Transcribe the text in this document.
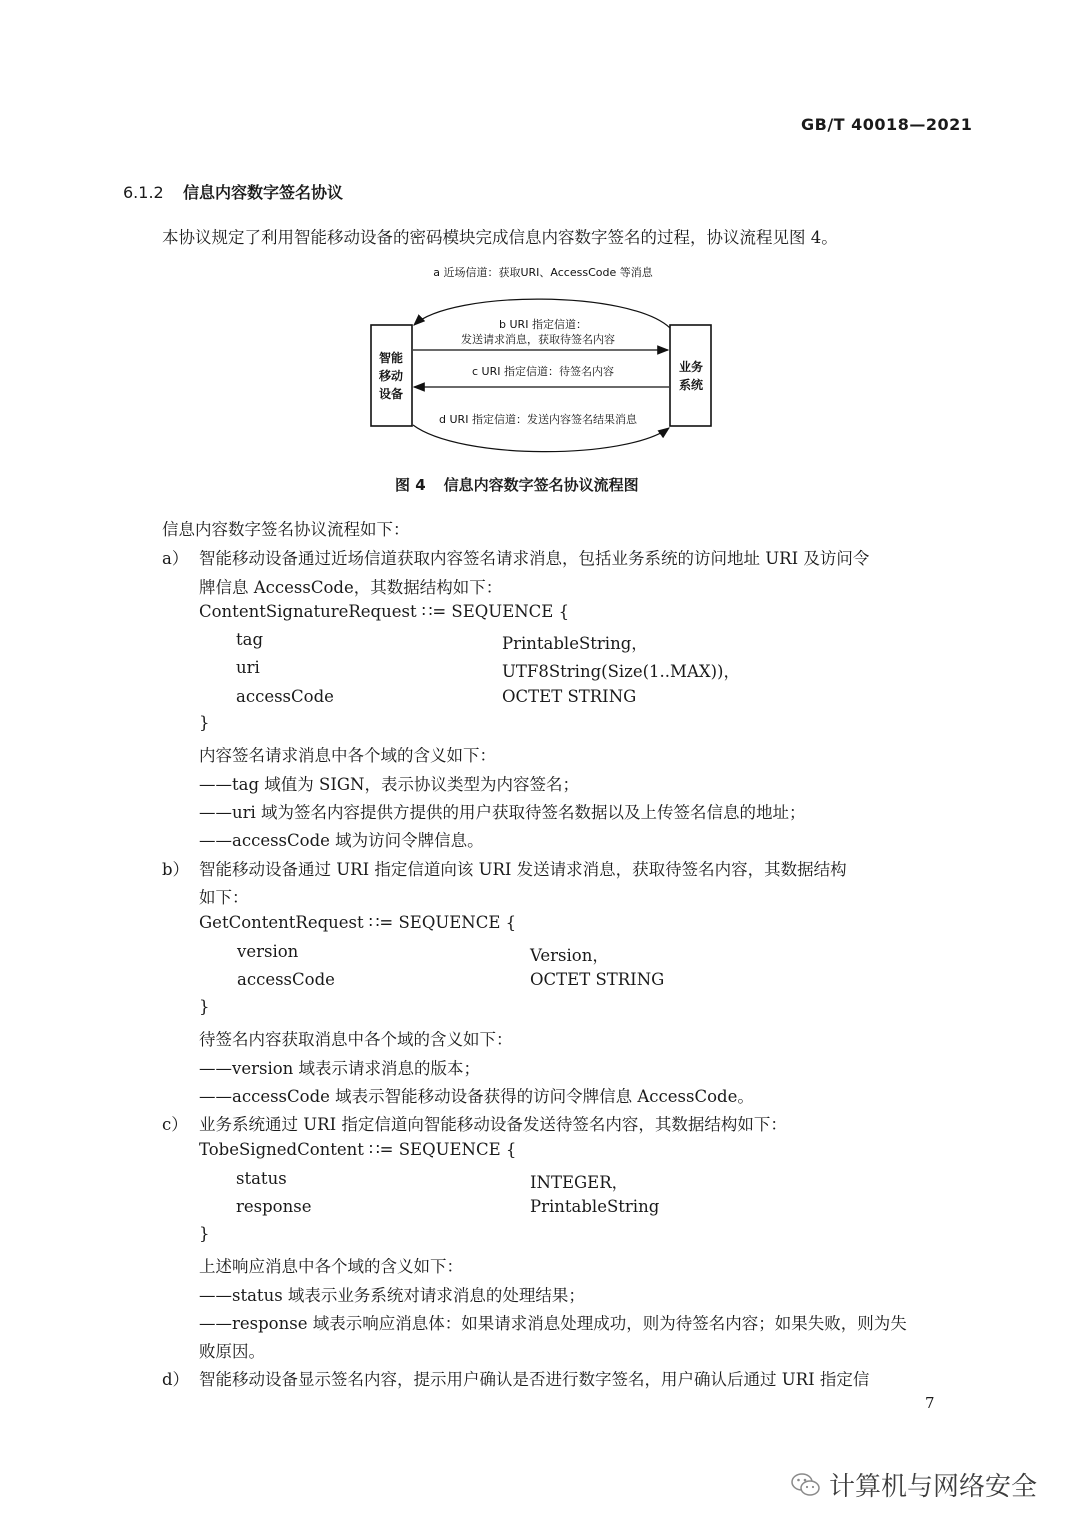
GB/T 40018—2021
6.1.2 信息内容数字签名协议
本协议规定了利用智能移动设备的密码模块完成信息内容数字签名的过程，协议流程见图 4。
智能
移动
设备
业务
系统
a 近场信道：获取URI、AccessCode 等消息
b URI 指定信道：
发送请求消息，获取待签名内容
c URI 指定信道：待签名内容
d URI 指定信道：发送内容签名结果消息
图 4 信息内容数字签名协议流程图
信息内容数字签名协议流程如下：
a） 智能移动设备通过近场信道获取内容签名请求消息，包括业务系统的访问地址 URI 及访问令
牌信息 AccessCode，其数据结构如下：
ContentSignatureRequest ∷= SEQUENCE {
tag	PrintableString，
uri	UTF8String(Size(1..MAX))，
accessCode	OCTET STRING
}
内容签名请求消息中各个域的含义如下：
——tag 域值为 SIGN，表示协议类型为内容签名；
——uri 域为签名内容提供方提供的用户获取待签名数据以及上传签名信息的地址；
——accessCode 域为访问令牌信息。
b） 智能移动设备通过 URI 指定信道向该 URI 发送请求消息，获取待签名内容，其数据结构
如下：
GetContentRequest ∷= SEQUENCE {
version	Version，
accessCode	OCTET STRING
}
待签名内容获取消息中各个域的含义如下：
——version 域表示请求消息的版本；
——accessCode 域表示智能移动设备获得的访问令牌信息 AccessCode。
c） 业务系统通过 URI 指定信道向智能移动设备发送待签名内容，其数据结构如下：
TobeSignedContent ∷= SEQUENCE {
status	INTEGER，
response	PrintableString
}
上述响应消息中各个域的含义如下：
——status 域表示业务系统对请求消息的处理结果；
——response 域表示响应消息体：如果请求消息处理成功，则为待签名内容；如果失败，则为失
败原因。
d） 智能移动设备显示签名内容，提示用户确认是否进行数字签名，用户确认后通过 URI 指定信
7
计算机与网络安全
